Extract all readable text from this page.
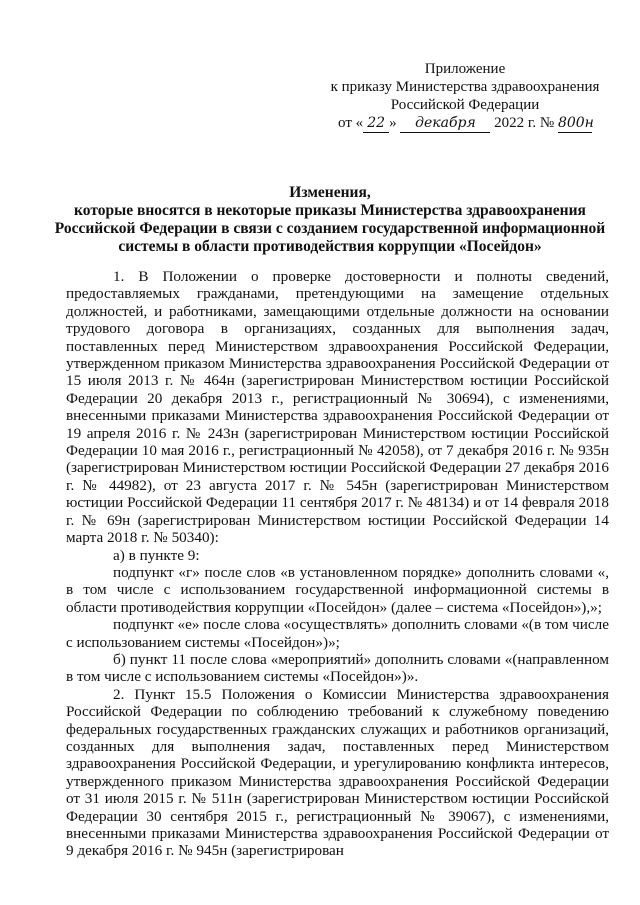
Приложение
к приказу Министерства здравоохранения
Российской Федерации
от « 22 » декабря 2022 г. № 800н
Изменения,
которые вносятся в некоторые приказы Министерства здравоохранения
Российской Федерации в связи с созданием государственной информационной
системы в области противодействия коррупции «Посейдон»

1. В Положении о проверке достоверности и полноты сведений, предоставляемых гражданами, претендующими на замещение отдельных должностей, и работниками, замещающими отдельные должности на основании трудового договора в организациях, созданных для выполнения задач, поставленных перед Министерством здравоохранения Российской Федерации, утвержденном приказом Министерства здравоохранения Российской Федерации от 15 июля 2013 г. № 464н (зарегистрирован Министерством юстиции Российской Федерации 20 декабря 2013 г., регистрационный № 30694), с изменениями, внесенными приказами Министерства здравоохранения Российской Федерации от 19 апреля 2016 г. № 243н (зарегистрирован Министерством юстиции Российской Федерации 10 мая 2016 г., регистрационный № 42058), от 7 декабря 2016 г. № 935н (зарегистрирован Министерством юстиции Российской Федерации 27 декабря 2016 г. № 44982), от 23 августа 2017 г. № 545н (зарегистрирован Министерством юстиции Российской Федерации 11 сентября 2017 г. № 48134) и от 14 февраля 2018 г. № 69н (зарегистрирован Министерством юстиции Российской Федерации 14 марта 2018 г. № 50340):

а) в пункте 9:

подпункт «г» после слов «в установленном порядке» дополнить словами «, в том числе с использованием государственной информационной системы в области противодействия коррупции «Посейдон» (далее – система «Посейдон»),»;

подпункт «е» после слова «осуществлять» дополнить словами «(в том числе с использованием системы «Посейдон»)»;

б) пункт 11 после слова «мероприятий» дополнить словами «(направленном в том числе с использованием системы «Посейдон»)».

2. Пункт 15.5 Положения о Комиссии Министерства здравоохранения Российской Федерации по соблюдению требований к служебному поведению федеральных государственных гражданских служащих и работников организаций, созданных для выполнения задач, поставленных перед Министерством здравоохранения Российской Федерации, и урегулированию конфликта интересов, утвержденного приказом Министерства здравоохранения Российской Федерации от 31 июля 2015 г. № 511н (зарегистрирован Министерством юстиции Российской Федерации 30 сентября 2015 г., регистрационный № 39067), с изменениями, внесенными приказами Министерства здравоохранения Российской Федерации от 9 декабря 2016 г. № 945н (зарегистрирован
